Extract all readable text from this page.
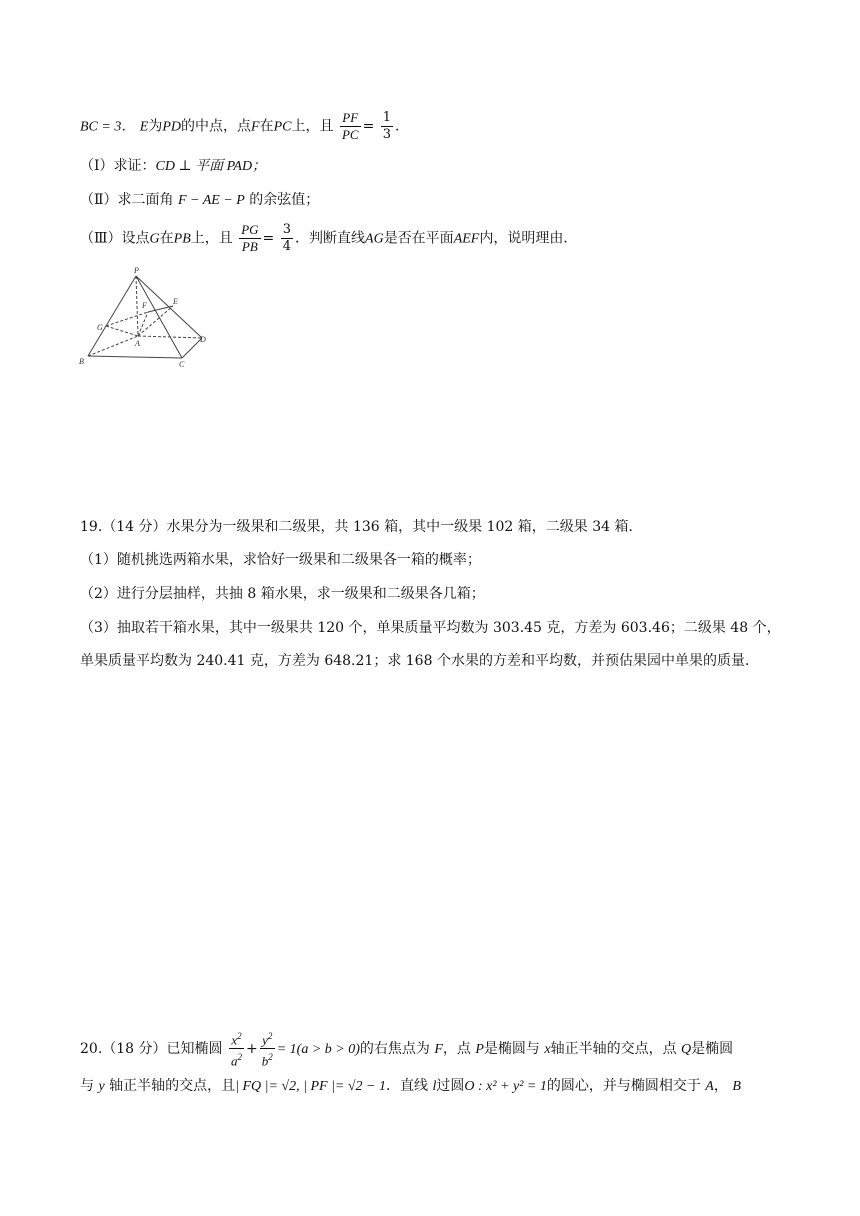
BC = 3． E为PD的中点，点F在PC上，且 $\frac{PF}{PC} = \frac{1}{3}$ ．
（Ⅰ）求证：CD ⊥ 平面 PAD；
（Ⅱ）求二面角 F − AE − P 的余弦值；
（Ⅲ）设点G在PB上，且 $\frac{PG}{PB} = \frac{3}{4}$ ．判断直线AG是否在平面AEF内，说明理由．
P
F	E
G
A	D
B	C
19.（14 分）水果分为一级果和二级果，共 136 箱，其中一级果 102 箱，二级果 34 箱．
（1）随机挑选两箱水果，求恰好一级果和二级果各一箱的概率；
（2）进行分层抽样，共抽 8 箱水果，求一级果和二级果各几箱；
（3）抽取若干箱水果，其中一级果共 120 个，单果质量平均数为 303.45 克，方差为 603.46；二级果 48 个，
单果质量平均数为 240.41 克，方差为 648.21；求 168 个水果的方差和平均数，并预估果园中单果的质量．
20.（18 分）已知椭圆 $\frac{x^2}{a^2} + \frac{y^2}{b^2} = 1(a > b > 0)$的右焦点为 F，点 P是椭圆与 x轴正半轴的交点，点 Q是椭圆
与 y 轴正半轴的交点，且| FQ |= √2, | PF |= √2 − 1．直线 l过圆O : x² + y² = 1的圆心，并与椭圆相交于 A， B
